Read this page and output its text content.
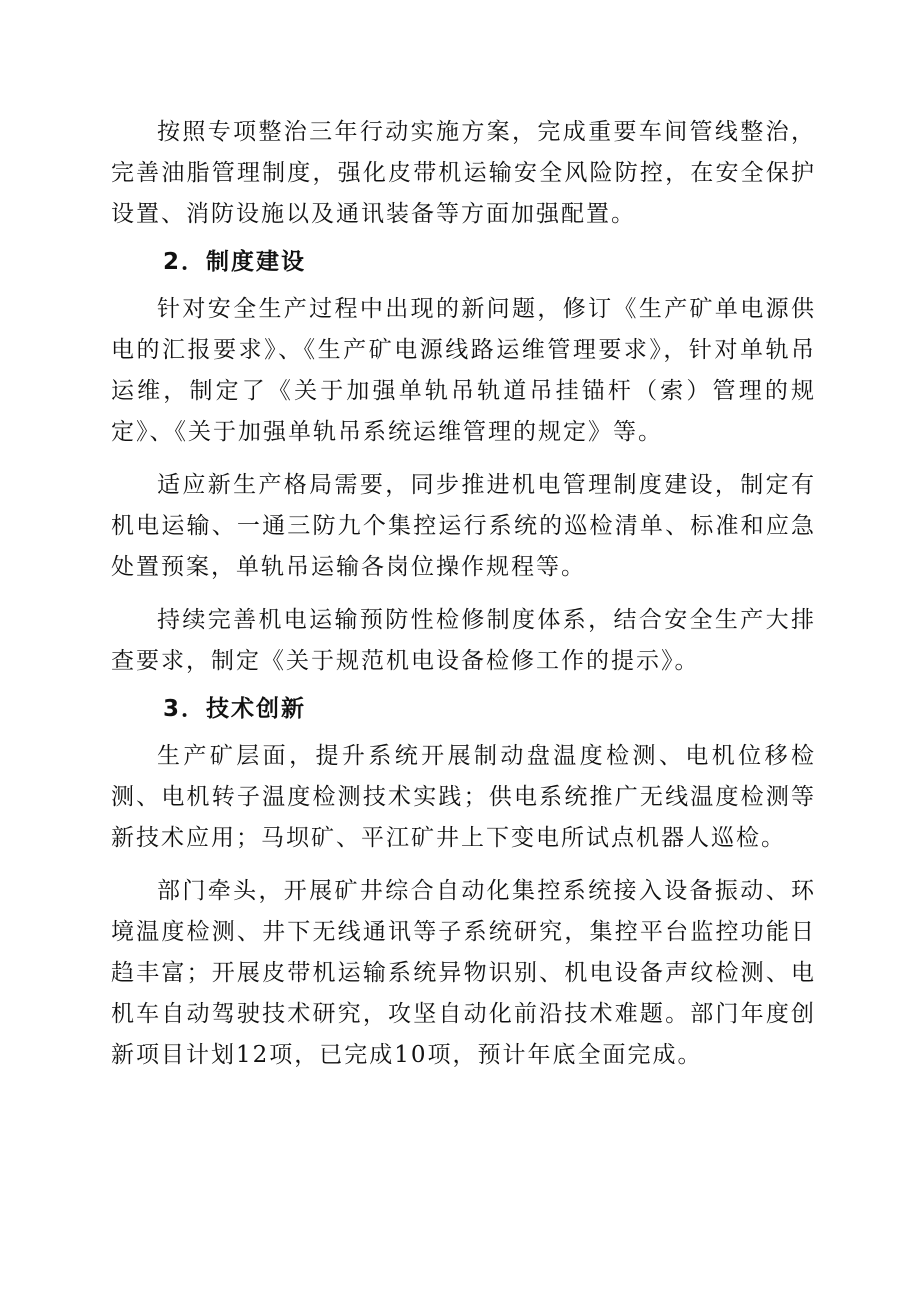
按照专项整治三年行动实施方案，完成重要车间管线整治，完善油脂管理制度，强化皮带机运输安全风险防控，在安全保护设置、消防设施以及通讯装备等方面加强配置。

2．制度建设

针对安全生产过程中出现的新问题，修订《生产矿单电源供电的汇报要求》、《生产矿电源线路运维管理要求》，针对单轨吊运维，制定了《关于加强单轨吊轨道吊挂锚杆（索）管理的规定》、《关于加强单轨吊系统运维管理的规定》等。

适应新生产格局需要，同步推进机电管理制度建设，制定有机电运输、一通三防九个集控运行系统的巡检清单、标准和应急处置预案，单轨吊运输各岗位操作规程等。

持续完善机电运输预防性检修制度体系，结合安全生产大排查要求，制定《关于规范机电设备检修工作的提示》。

3．技术创新

生产矿层面，提升系统开展制动盘温度检测、电机位移检测、电机转子温度检测技术实践；供电系统推广无线温度检测等新技术应用；马坝矿、平江矿井上下变电所试点机器人巡检。

部门牵头，开展矿井综合自动化集控系统接入设备振动、环境温度检测、井下无线通讯等子系统研究，集控平台监控功能日趋丰富；开展皮带机运输系统异物识别、机电设备声纹检测、电机车自动驾驶技术研究，攻坚自动化前沿技术难题。部门年度创新项目计划12项，已完成10项，预计年底全面完成。
